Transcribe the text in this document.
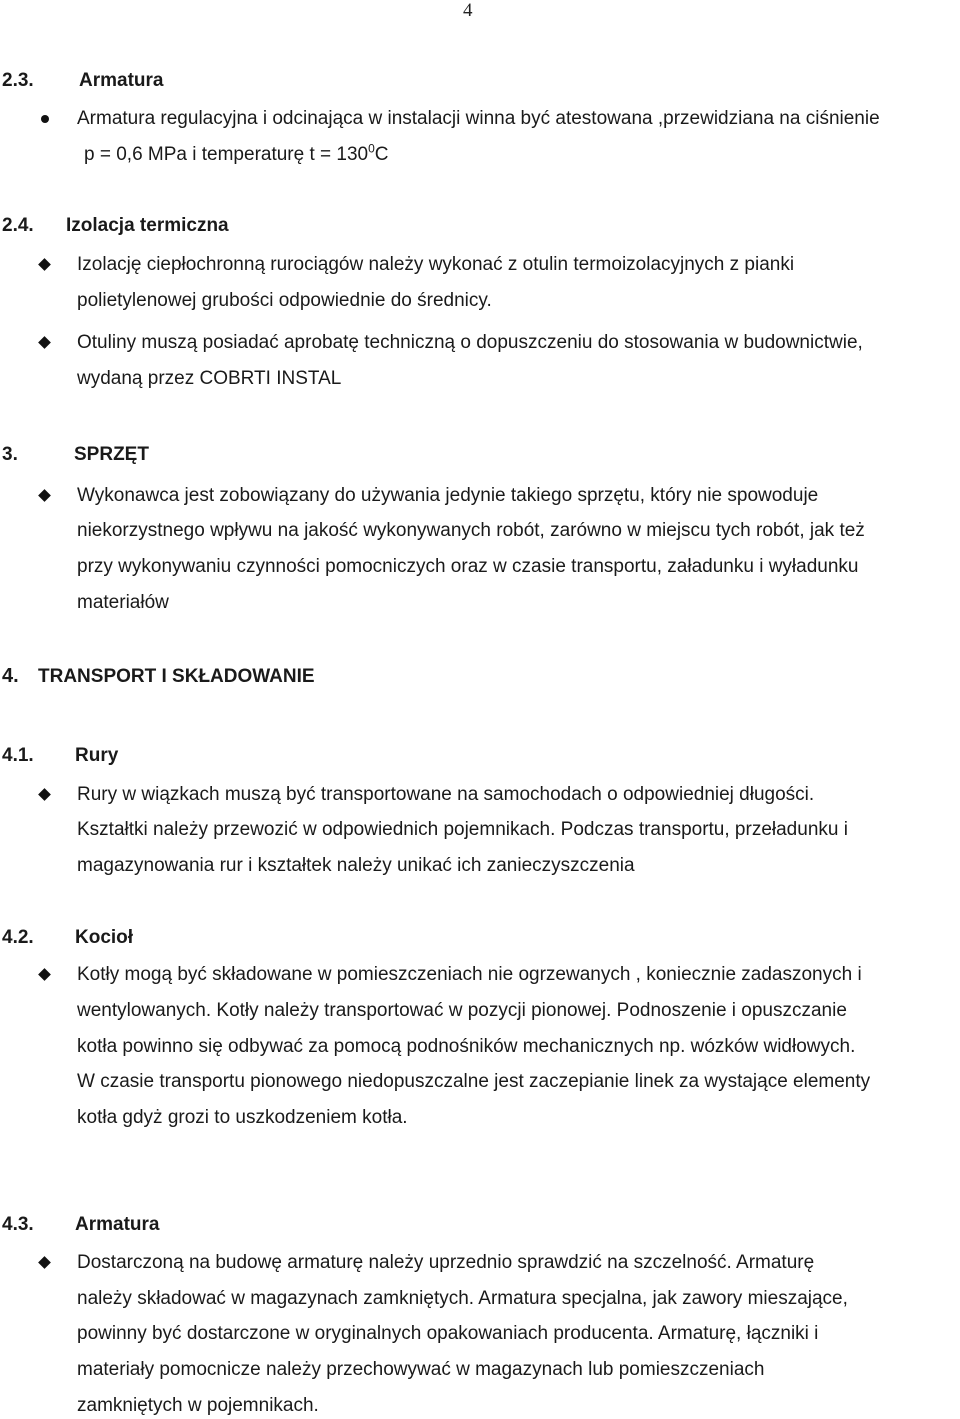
4
2.3. Armatura
Armatura regulacyjna i odcinająca w instalacji winna być atestowana ,przewidziana na ciśnienie
p = 0,6 MPa i temperaturę $t = 130^0C$
2.4. Izolacja termiczna
Izolację ciepłochronną rurociągów należy wykonać z otulin termoizolacyjnych z pianki
polietylenowej grubości odpowiednie do średnicy.
Otuliny muszą posiadać aprobatę techniczną o dopuszczeniu do stosowania w budownictwie,
wydaną przez COBRTI INSTAL
3.	SPRZĘT
Wykonawca jest zobowiązany do używania jedynie takiego sprzętu, który nie spowoduje
niekorzystnego wpływu na jakość wykonywanych robót, zarówno w miejscu tych robót, jak też
przy wykonywaniu czynności pomocniczych oraz w czasie transportu, załadunku i wyładunku
materiałów
4. TRANSPORT I SKŁADOWANIE
4.1. Rury
Rury w wiązkach muszą być transportowane na samochodach o odpowiedniej długości.
Kształtki należy przewozić w odpowiednich pojemnikach. Podczas transportu, przeładunku i
magazynowania rur i kształtek należy unikać ich zanieczyszczenia
4.2. Kocioł
Kotły mogą być składowane w pomieszczeniach nie ogrzewanych , koniecznie zadaszonych i
wentylowanych. Kotły należy transportować w pozycji pionowej. Podnoszenie i opuszczanie
kotła powinno się odbywać za pomocą podnośników mechanicznych np. wózków widłowych.
W czasie transportu pionowego niedopuszczalne jest zaczepianie linek za wystające elementy
kotła gdyż grozi to uszkodzeniem kotła.
4.3. Armatura
Dostarczoną na budowę armaturę należy uprzednio sprawdzić na szczelność. Armaturę
należy składować w magazynach zamkniętych. Armatura specjalna, jak zawory mieszające,
powinny być dostarczone w oryginalnych opakowaniach producenta. Armaturę, łączniki i
materiały pomocnicze należy przechowywać w magazynach lub pomieszczeniach
zamkniętych w pojemnikach.
